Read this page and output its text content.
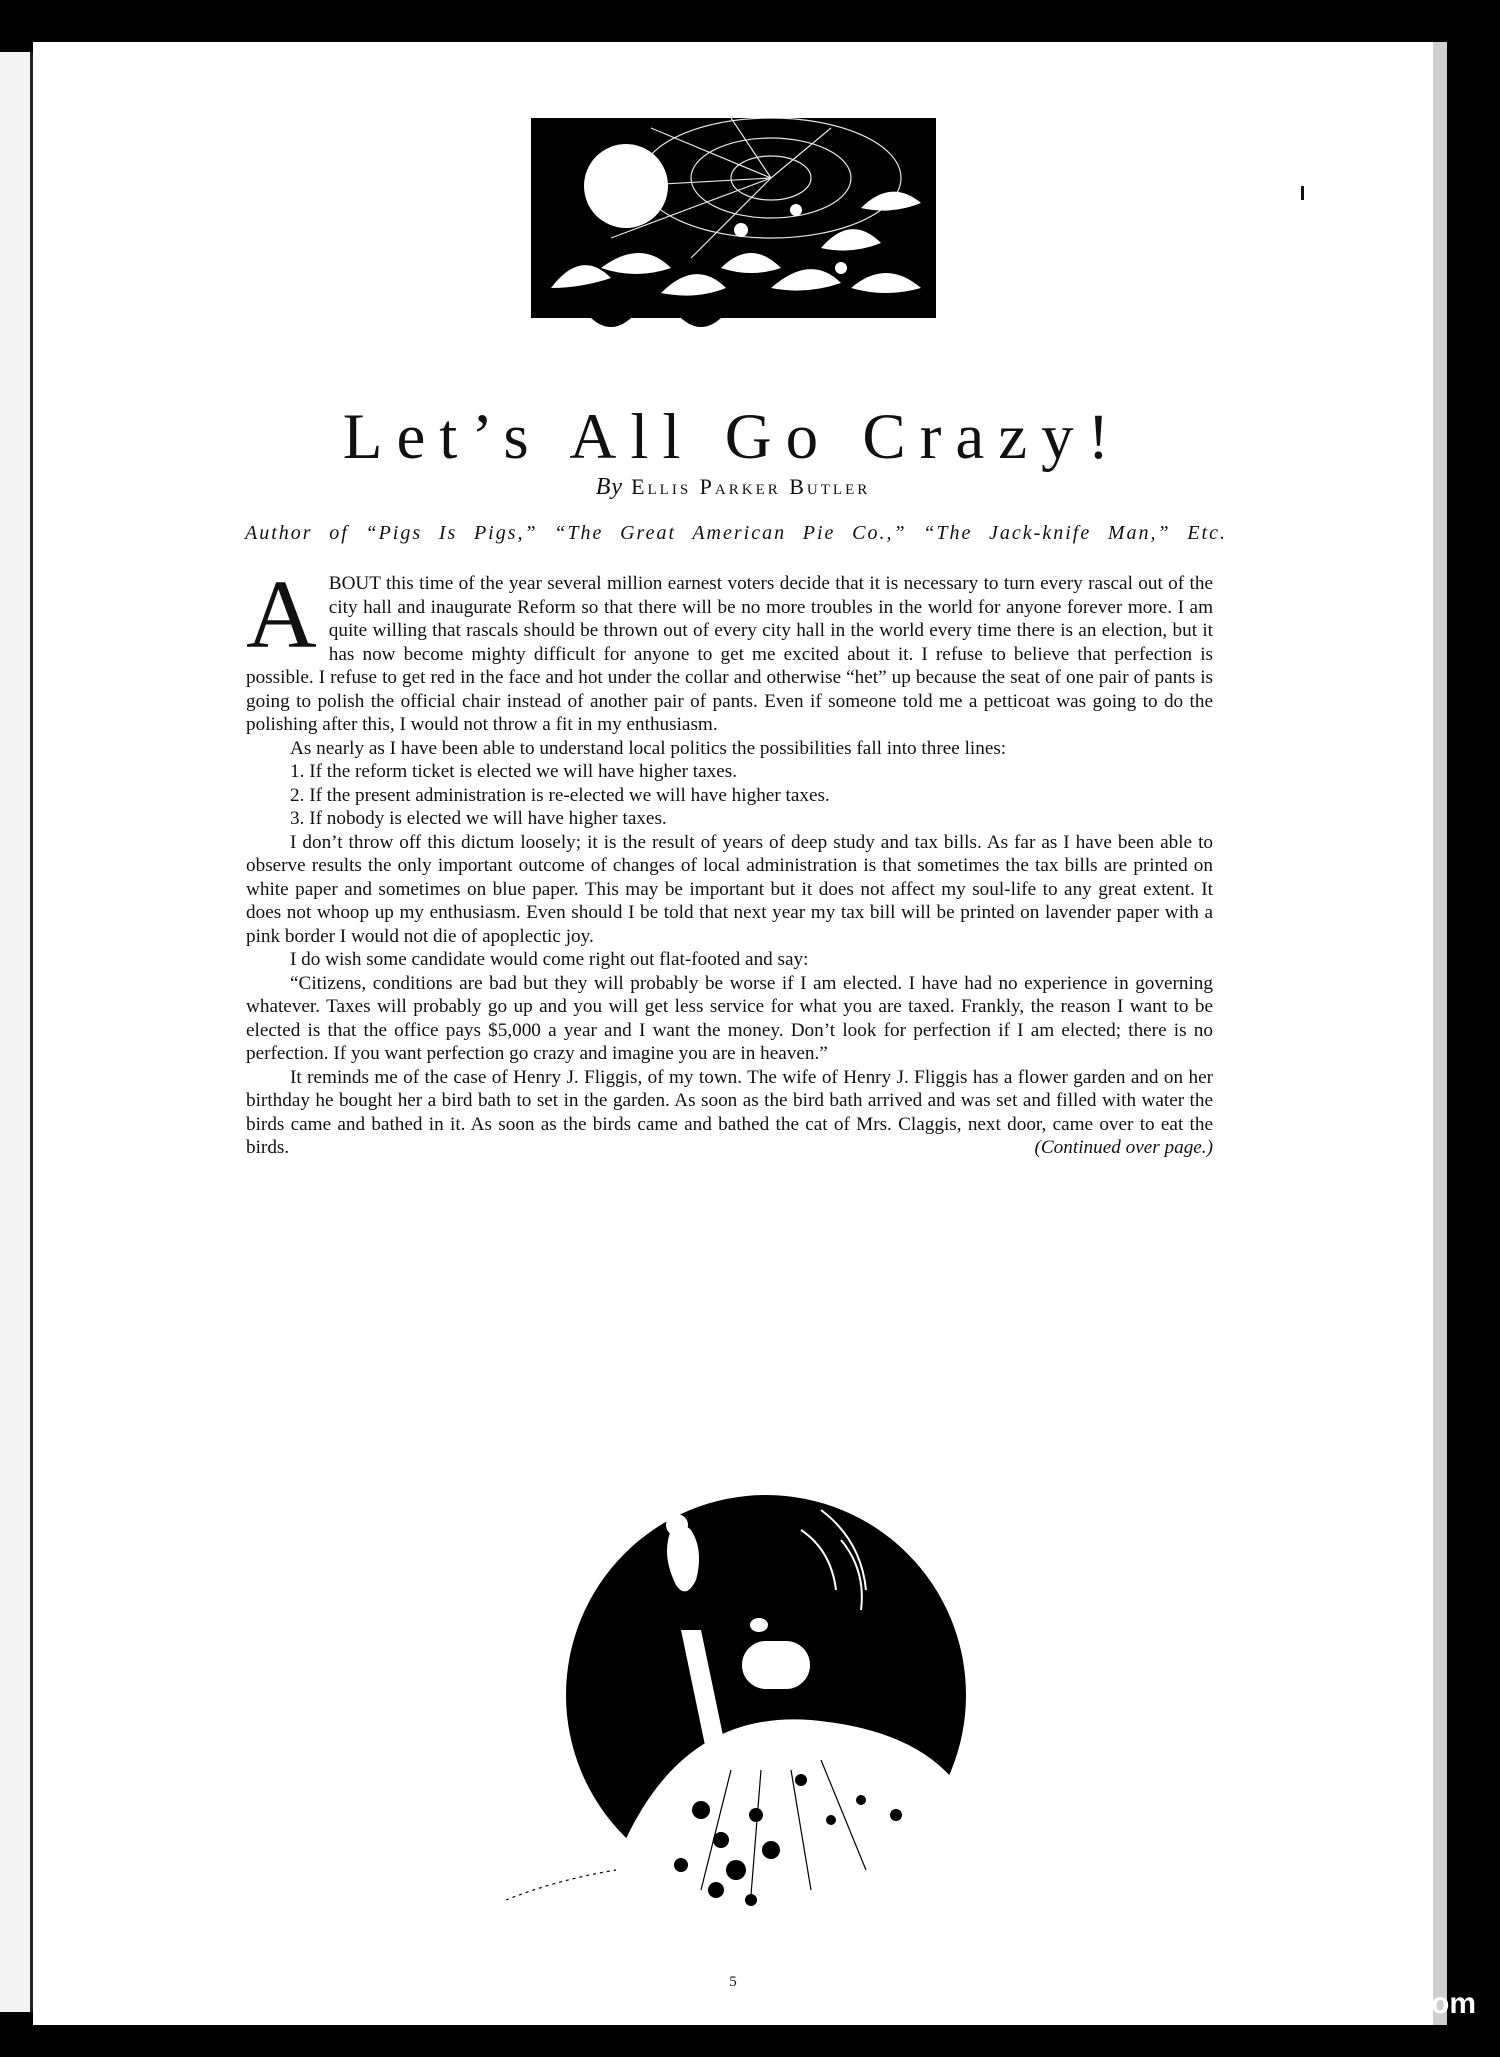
Let’s All Go Crazy!
By Ellis Parker Butler
Author of “Pigs Is Pigs,” “The Great American Pie Co.,” “The Jack-knife Man,” Etc.

ABOUT this time of the year several million earnest voters decide that it is necessary to turn every rascal out of the city hall and inaugurate Reform so that there will be no more troubles in the world for anyone forever more. I am quite willing that rascals should be thrown out of every city hall in the world every time there is an election, but it has now become mighty difficult for anyone to get me excited about it. I refuse to believe that perfection is possible. I refuse to get red in the face and hot under the collar and otherwise “het” up because the seat of one pair of pants is going to polish the official chair instead of another pair of pants. Even if someone told me a petticoat was going to do the polishing after this, I would not throw a fit in my enthusiasm.

As nearly as I have been able to understand local politics the possibilities fall into three lines:

1. If the reform ticket is elected we will have higher taxes.

2. If the present administration is re-elected we will have higher taxes.

3. If nobody is elected we will have higher taxes.

I don’t throw off this dictum loosely; it is the result of years of deep study and tax bills. As far as I have been able to observe results the only important outcome of changes of local administration is that sometimes the tax bills are printed on white paper and sometimes on blue paper. This may be important but it does not affect my soul-life to any great extent. It does not whoop up my enthusiasm. Even should I be told that next year my tax bill will be printed on lavender paper with a pink border I would not die of apoplectic joy.

I do wish some candidate would come right out flat-footed and say:

“Citizens, conditions are bad but they will probably be worse if I am elected. I have had no experience in governing whatever. Taxes will probably go up and you will get less service for what you are taxed. Frankly, the reason I want to be elected is that the office pays $5,000 a year and I want the money. Don’t look for perfection if I am elected; there is no perfection. If you want perfection go crazy and imagine you are in heaven.”

It reminds me of the case of Henry J. Fliggis, of my town. The wife of Henry J. Fliggis has a flower garden and on her birthday he bought her a bird bath to set in the garden. As soon as the bird bath arrived and was set and filled with water the birds came and bathed in it. As soon as the birds came and bathed the cat of Mrs. Claggis, next door, came over to eat the birds.	(Continued over page.)

5
comicbooks.com
